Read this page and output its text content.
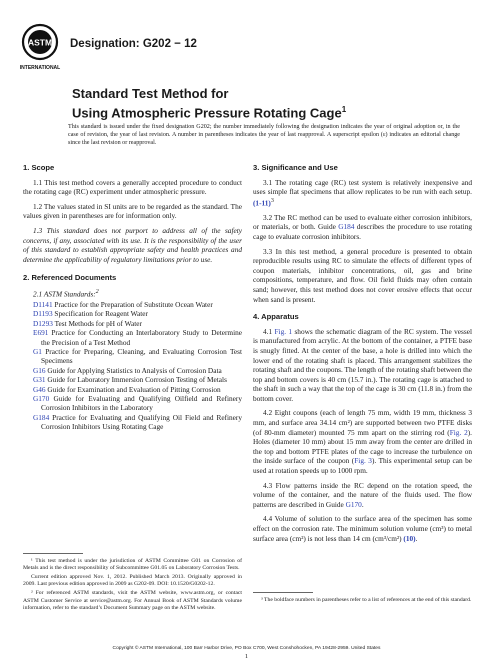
ASTM
INTERNATIONAL
Designation: G202 − 12
Standard Test Method for
Using Atmospheric Pressure Rotating Cage$^1$
This standard is issued under the fixed designation G202; the number immediately following the designation indicates the year of original adoption or, in the case of revision, the year of last revision. A number in parentheses indicates the year of last reapproval. A superscript epsilon (ε) indicates an editorial change since the last revision or reapproval.
1. Scope

1.1 This test method covers a generally accepted procedure to conduct the rotating cage (RC) experiment under atmospheric pressure.

1.2 The values stated in SI units are to be regarded as the standard. The values given in parentheses are for information only.

1.3 This standard does not purport to address all of the safety concerns, if any, associated with its use. It is the responsibility of the user of this standard to establish appropriate safety and health practices and determine the applicability of regulatory limitations prior to use.

2. Referenced Documents

2.1 ASTM Standards:$^2$

D1141 Practice for the Preparation of Substitute Ocean Water
D1193 Specification for Reagent Water
D1293 Test Methods for pH of Water
E691 Practice for Conducting an Interlaboratory Study to Determine the Precision of a Test Method
G1 Practice for Preparing, Cleaning, and Evaluating Corrosion Test Specimens
G16 Guide for Applying Statistics to Analysis of Corrosion Data
G31 Guide for Laboratory Immersion Corrosion Testing of Metals
G46 Guide for Examination and Evaluation of Pitting Corrosion
G170 Guide for Evaluating and Qualifying Oilfield and Refinery Corrosion Inhibitors in the Laboratory
G184 Practice for Evaluating and Qualifying Oil Field and Refinery Corrosion Inhibitors Using Rotating Cage

¹ This test method is under the jurisdiction of ASTM Committee G01 on Corrosion of Metals and is the direct responsibility of Subcommittee G01.05 on Laboratory Corrosion Tests.

Current edition approved Nov. 1, 2012. Published March 2013. Originally approved in 2009. Last previous edition approved in 2009 as G202-09. DOI: 10.1520/G0202-12.

² For referenced ASTM standards, visit the ASTM website, www.astm.org, or contact ASTM Customer Service at service@astm.org. For Annual Book of ASTM Standards volume information, refer to the standard’s Document Summary page on the ASTM website.

3. Significance and Use

3.1 The rotating cage (RC) test system is relatively inexpensive and uses simple flat specimens that allow replicates to be run with each setup. $(1-11)^3$

3.2 The RC method can be used to evaluate either corrosion inhibitors, or materials, or both. Guide G184 describes the procedure to use rotating cage to evaluate corrosion inhibitors.

3.3 In this test method, a general procedure is presented to obtain reproducible results using RC to simulate the effects of different types of coupon materials, inhibitor concentrations, oil, gas and brine compositions, temperature, and flow. Oil field fluids may often contain sand; however, this test method does not cover erosive effects that occur when sand is present.

4. Apparatus

4.1 Fig. 1 shows the schematic diagram of the RC system. The vessel is manufactured from acrylic. At the bottom of the container, a PTFE base is snugly fitted. At the center of the base, a hole is drilled into which the lower end of the rotating shaft is placed. This arrangement stabilizes the rotating shaft and the coupons. The length of the rotating shaft between the top and bottom covers is 40 cm (15.7 in.). The rotating cage is attached to the shaft in such a way that the top of the cage is 30 cm (11.8 in.) from the bottom cover.

4.2 Eight coupons (each of length 75 mm, width 19 mm, thickness 3 mm, and surface area 34.14 cm²) are supported between two PTFE disks (of 80-mm diameter) mounted 75 mm apart on the stirring rod (Fig. 2). Holes (diameter 10 mm) about 15 mm away from the center are drilled in the top and bottom PTFE plates of the cage to increase the turbulence on the inside surface of the coupon (Fig. 3). This experimental setup can be used at rotation speeds up to 1000 rpm.

4.3 Flow patterns inside the RC depend on the rotation speed, the volume of the container, and the nature of the fluids used. The flow patterns are described in Guide G170.

4.4 Volume of solution to the surface area of the specimen has some effect on the corrosion rate. The minimum solution volume (cm³) to metal surface area (cm²) is not less than 14 cm (cm³/cm²) (10).

³ The boldface numbers in parentheses refer to a list of references at the end of this standard.

Copyright © ASTM International, 100 Barr Harbor Drive, PO Box C700, West Conshohocken, PA 19428-2959. United States
1
